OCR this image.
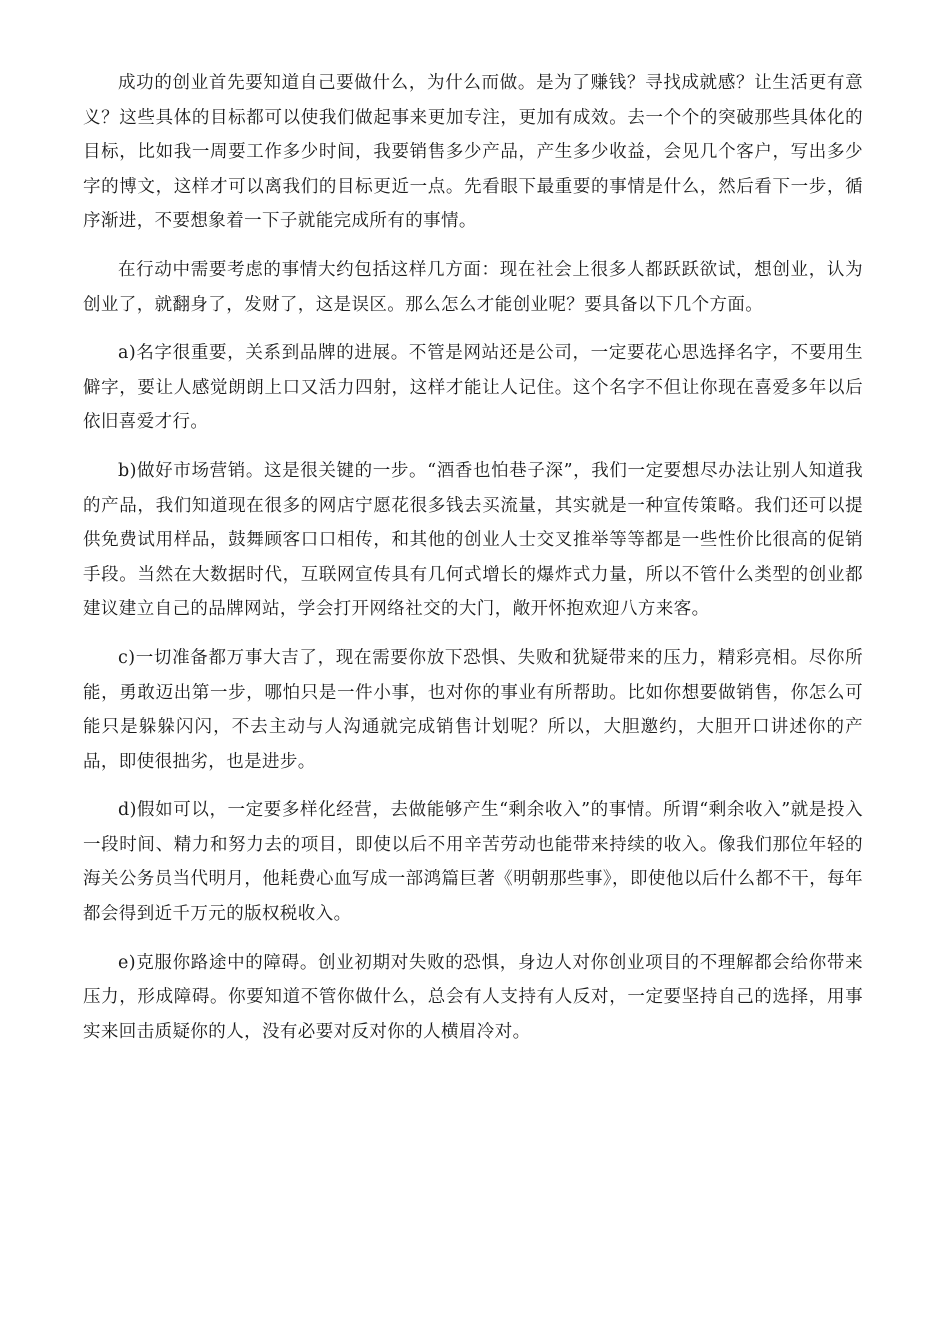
成功的创业首先要知道自己要做什么，为什么而做。是为了赚钱？寻找成就感？让生活更有意义？这些具体的目标都可以使我们做起事来更加专注，更加有成效。去一个个的突破那些具体化的目标，比如我一周要工作多少时间，我要销售多少产品，产生多少收益，会见几个客户，写出多少字的博文，这样才可以离我们的目标更近一点。先看眼下最重要的事情是什么，然后看下一步，循序渐进，不要想象着一下子就能完成所有的事情。

在行动中需要考虑的事情大约包括这样几方面：现在社会上很多人都跃跃欲试，想创业，认为创业了，就翻身了，发财了，这是误区。那么怎么才能创业呢？要具备以下几个方面。

a)名字很重要，关系到品牌的进展。不管是网站还是公司，一定要花心思选择名字，不要用生僻字，要让人感觉朗朗上口又活力四射，这样才能让人记住。这个名字不但让你现在喜爱多年以后依旧喜爱才行。

b)做好市场营销。这是很关键的一步。“酒香也怕巷子深”，我们一定要想尽办法让别人知道我的产品，我们知道现在很多的网店宁愿花很多钱去买流量，其实就是一种宣传策略。我们还可以提供免费试用样品，鼓舞顾客口口相传，和其他的创业人士交叉推举等等都是一些性价比很高的促销手段。当然在大数据时代，互联网宣传具有几何式增长的爆炸式力量，所以不管什么类型的创业都建议建立自己的品牌网站，学会打开网络社交的大门，敞开怀抱欢迎八方来客。

c)一切准备都万事大吉了，现在需要你放下恐惧、失败和犹疑带来的压力，精彩亮相。尽你所能，勇敢迈出第一步，哪怕只是一件小事，也对你的事业有所帮助。比如你想要做销售，你怎么可能只是躲躲闪闪，不去主动与人沟通就完成销售计划呢？所以，大胆邀约，大胆开口讲述你的产品，即使很拙劣，也是进步。

d)假如可以，一定要多样化经营，去做能够产生“剩余收入”的事情。所谓“剩余收入”就是投入一段时间、精力和努力去的项目，即使以后不用辛苦劳动也能带来持续的收入。像我们那位年轻的海关公务员当代明月，他耗费心血写成一部鸿篇巨著《明朝那些事》，即使他以后什么都不干，每年都会得到近千万元的版权税收入。

e)克服你路途中的障碍。创业初期对失败的恐惧，身边人对你创业项目的不理解都会给你带来压力，形成障碍。你要知道不管你做什么，总会有人支持有人反对，一定要坚持自己的选择，用事实来回击质疑你的人，没有必要对反对你的人横眉冷对。
